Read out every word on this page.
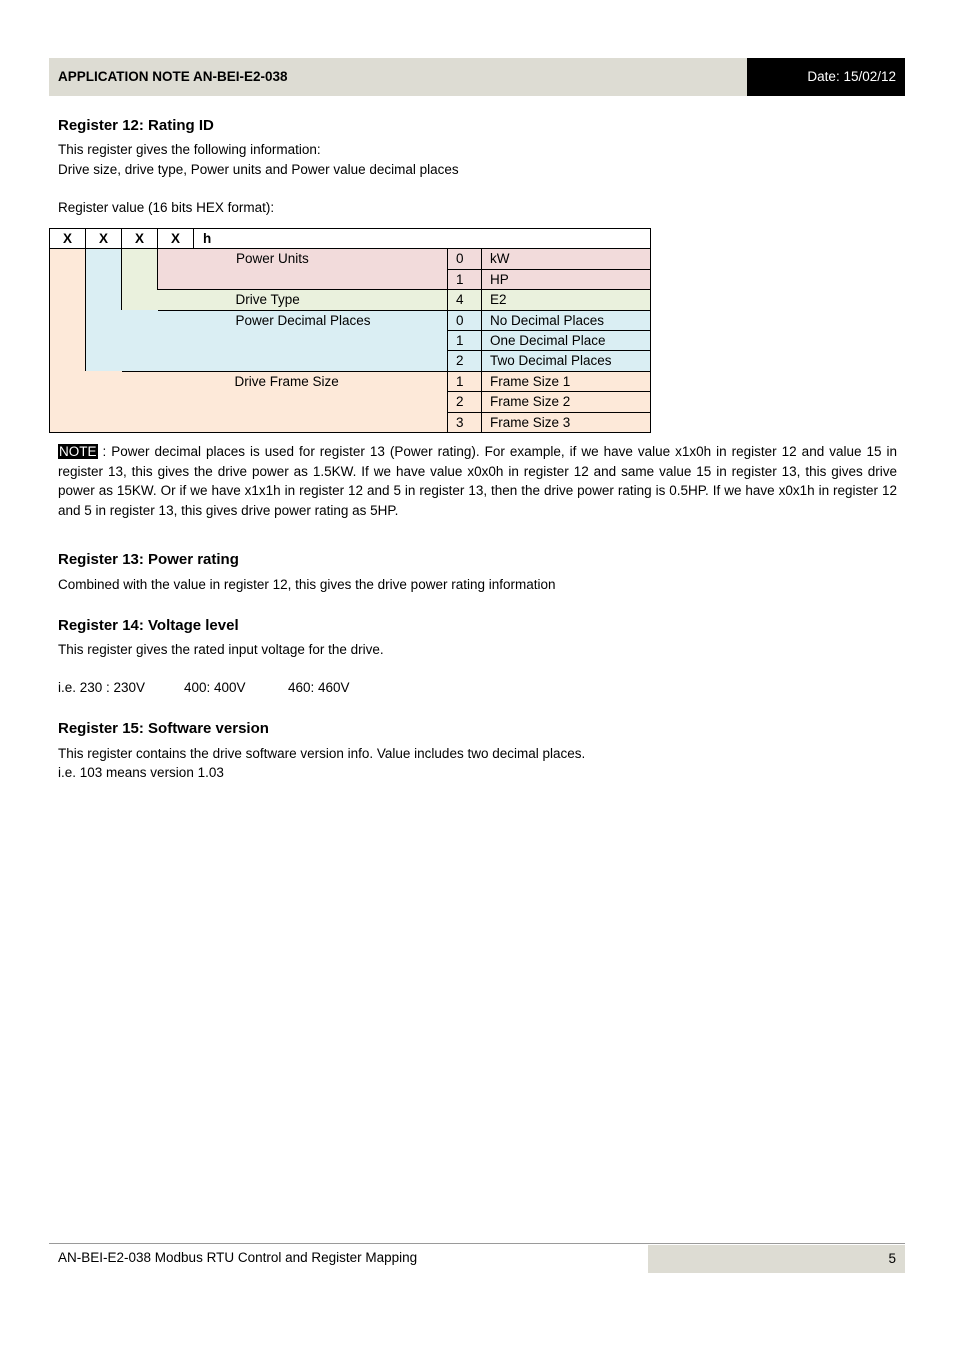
APPLICATION NOTE AN-BEI-E2-038	Date: 15/02/12
Register 12: Rating ID
This register gives the following information:
Drive size, drive type, Power units and Power value decimal places
Register value (16 bits HEX format):
X	X	X	X	h		
			Power Units		0	kW
					1	HP
			Drive Type		4	E2
		Power Decimal Places			0	No Decimal Places
					1	One Decimal Place
					2	Two Decimal Places
	Drive Frame Size				1	Frame Size 1
					2	Frame Size 2
					3	Frame Size 3
NOTE : Power decimal places is used for register 13 (Power rating). For example, if we have value x1x0h in register 12 and value 15 in register 13, this gives the drive power as 1.5KW. If we have value x0x0h in register 12 and same value 15 in register 13, this gives drive power as 15KW. Or if we have x1x1h in register 12 and 5 in register 13, then the drive power rating is 0.5HP. If we have x0x1h in register 12 and 5 in register 13, this gives drive power rating as 5HP.
Register 13: Power rating
Combined with the value in register 12, this gives the drive power rating information
Register 14: Voltage level
This register gives the rated input voltage for the drive.
i.e. 230 : 230V	400: 400V	460: 460V
Register 15: Software version
This register contains the drive software version info. Value includes two decimal places.
i.e. 103 means version 1.03
AN-BEI-E2-038 Modbus RTU Control and Register Mapping	5
